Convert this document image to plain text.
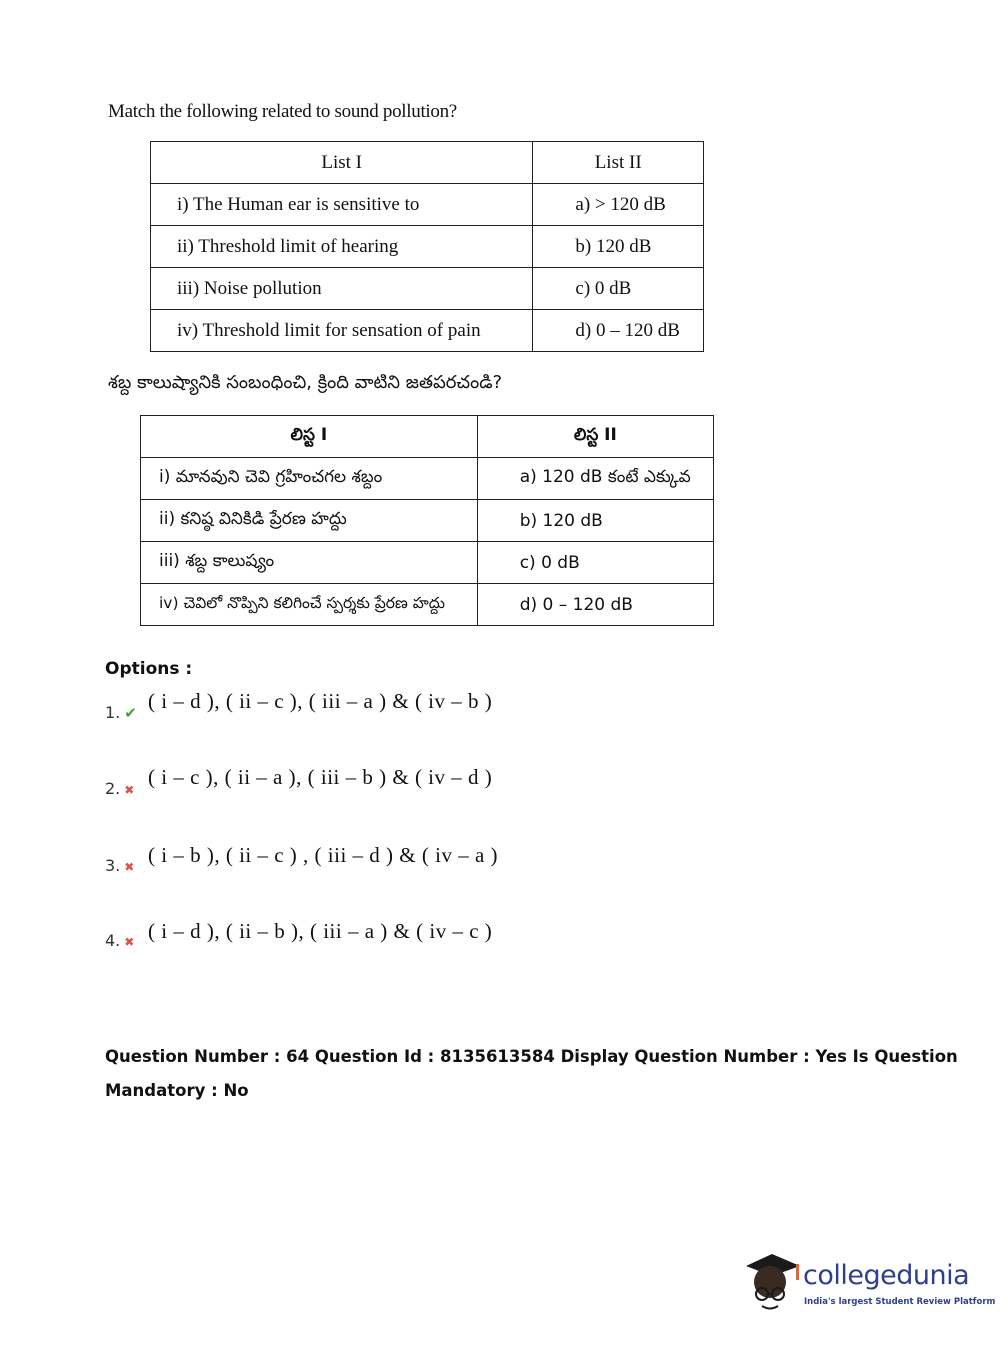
Match the following related to sound pollution?
List I	List II
i) The Human ear is sensitive to	a) > 120 dB
ii) Threshold limit of hearing	b) 120 dB
iii) Noise pollution	c) 0 dB
iv) Threshold limit for sensation of pain	d) 0 – 120 dB
శబ్ద కాలుష్యానికి సంబంధించి, క్రింది వాటిని జతపరచండి?
లిస్ట I	లిస్ట II
i) మానవుని చెవి గ్రహించగల శబ్దం	a) 120 dB కంటే ఎక్కువ
ii) కనిష్ఠ వినికిడి ప్రేరణ హద్దు	b) 120 dB
iii) శబ్ద కాలుష్యం	c) 0 dB
iv) చెవిలో నొప్పిని కలిగించే స్పర్శకు ప్రేరణ హద్దు	d) 0 – 120 dB
Options :
1. ✔ ( i – d ), ( ii – c ), ( iii – a ) & ( iv – b )
2. ✖
( i – c ), ( ii – a ), ( iii – b ) & ( iv – d )
3. ✖ ( i – b ), ( ii – c ) , ( iii – d ) & ( iv – a )
4. ✖ ( i – d ), ( ii – b ), ( iii – a ) & ( iv – c )
Question Number : 64 Question Id : 8135613584 Display Question Number : Yes Is Question
Mandatory : No
collegedunia
India's largest Student Review Platform
